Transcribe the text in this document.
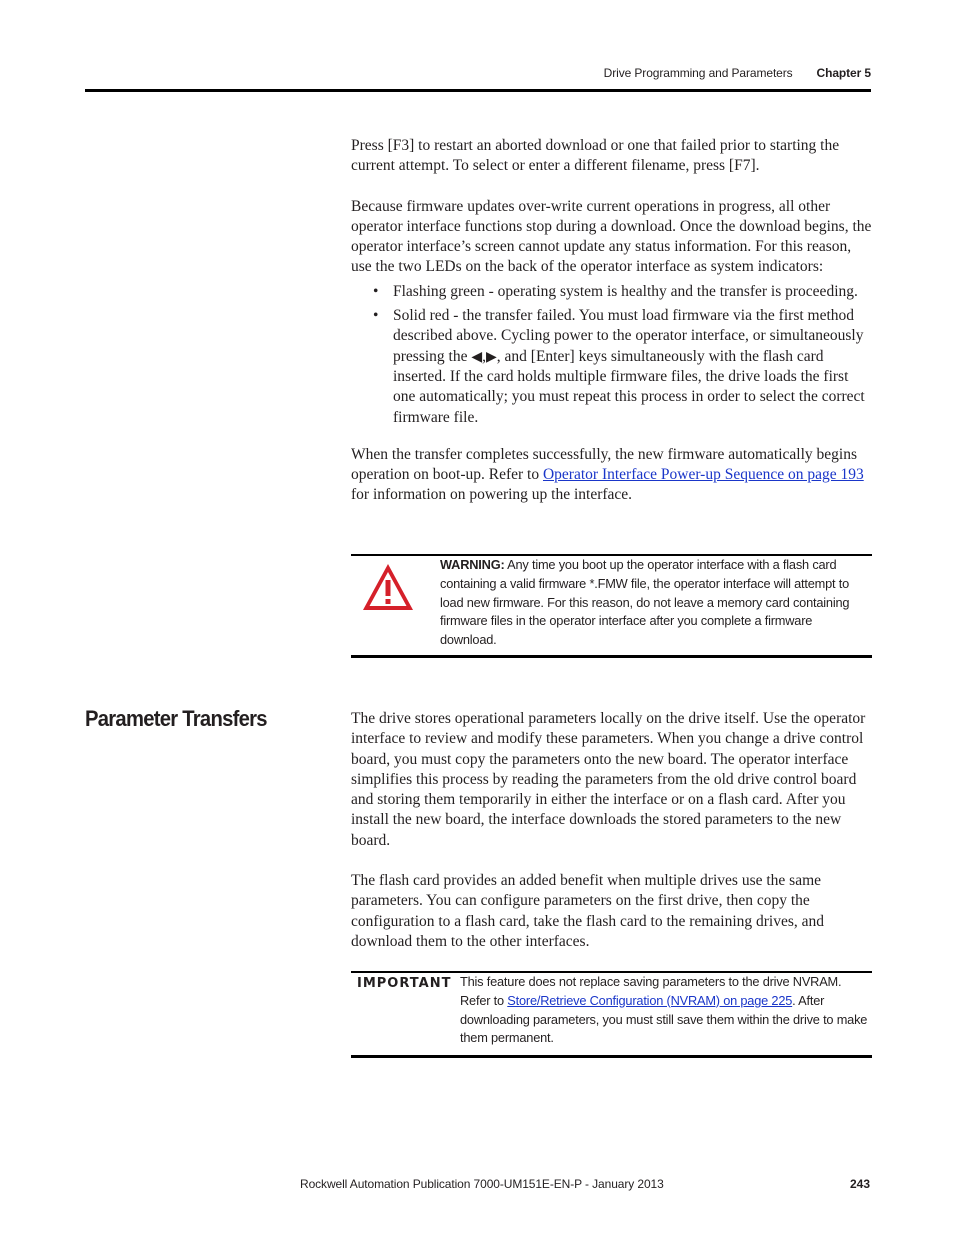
Drive Programming and Parameters Chapter 5

Press [F3] to restart an aborted download or one that failed prior to starting the current attempt. To select or enter a different filename, press [F7].

Because firmware updates over-write current operations in progress, all other operator interface functions stop during a download. Once the download begins, the operator interface’s screen cannot update any status information. For this reason, use the two LEDs on the back of the operator interface as system indicators:

• Flashing green - operating system is healthy and the transfer is proceeding.
• Solid red - the transfer failed. You must load firmware via the first method described above. Cycling power to the operator interface, or simultaneously pressing the ◀,▶, and [Enter] keys simultaneously with the flash card inserted. If the card holds multiple firmware files, the drive loads the first one automatically; you must repeat this process in order to select the correct firmware file.

When the transfer completes successfully, the new firmware automatically begins operation on boot-up. Refer to Operator Interface Power-up Sequence on page 193 for information on powering up the interface.

WARNING: Any time you boot up the operator interface with a flash card containing a valid firmware *.FMW file, the operator interface will attempt to load new firmware. For this reason, do not leave a memory card containing firmware files in the operator interface after you complete a firmware download.
Parameter Transfers	The drive stores operational parameters locally on the drive itself. Use the operator interface to review and modify these parameters. When you change a drive control board, you must copy the parameters onto the new board. The operator interface simplifies this process by reading the parameters from the old drive control board and storing them temporarily in either the interface or on a flash card. After you install the new board, the interface downloads the stored parameters to the new board.

The flash card provides an added benefit when multiple drives use the same parameters. You can configure parameters on the first drive, then copy the configuration to a flash card, take the flash card to the remaining drives, and download them to the other interfaces.

IMPORTANT This feature does not replace saving parameters to the drive NVRAM. Refer to Store/Retrieve Configuration (NVRAM) on page 225. After downloading parameters, you must still save them within the drive to make them permanent.
Rockwell Automation Publication 7000-UM151E-EN-P - January 2013	243
